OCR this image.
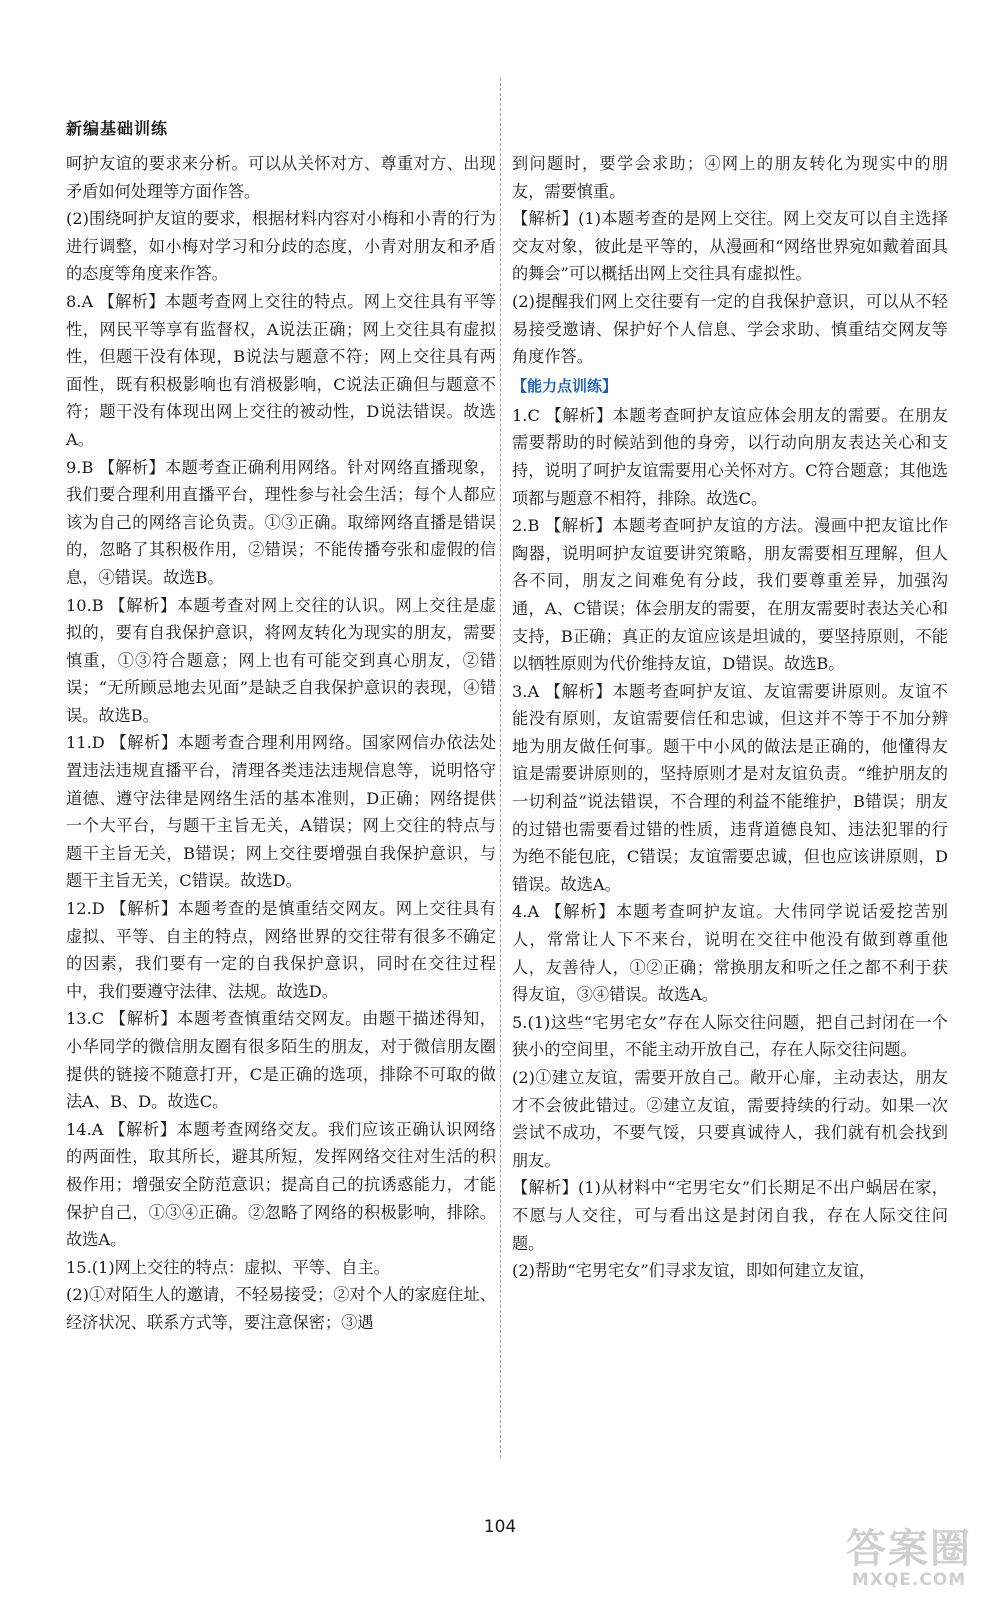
新编基础训练

呵护友谊的要求来分析。可以从关怀对方、尊重对方、出现矛盾如何处理等方面作答。

(2)围绕呵护友谊的要求，根据材料内容对小梅和小青的行为进行调整，如小梅对学习和分歧的态度，小青对朋友和矛盾的态度等角度来作答。

8.A 【解析】本题考查网上交往的特点。网上交往具有平等性，网民平等享有监督权，A说法正确；网上交往具有虚拟性，但题干没有体现，B说法与题意不符；网上交往具有两面性，既有积极影响也有消极影响，C说法正确但与题意不符；题干没有体现出网上交往的被动性，D说法错误。故选A。

9.B 【解析】本题考查正确利用网络。针对网络直播现象，我们要合理利用直播平台，理性参与社会生活；每个人都应该为自己的网络言论负责。①③正确。取缔网络直播是错误的，忽略了其积极作用，②错误；不能传播夸张和虚假的信息，④错误。故选B。

10.B 【解析】本题考查对网上交往的认识。网上交往是虚拟的，要有自我保护意识，将网友转化为现实的朋友，需要慎重，①③符合题意；网上也有可能交到真心朋友，②错误；“无所顾忌地去见面”是缺乏自我保护意识的表现，④错误。故选B。

11.D 【解析】本题考查合理利用网络。国家网信办依法处置违法违规直播平台，清理各类违法违规信息等，说明恪守道德、遵守法律是网络生活的基本准则，D正确；网络提供一个大平台，与题干主旨无关，A错误；网上交往的特点与题干主旨无关，B错误；网上交往要增强自我保护意识，与题干主旨无关，C错误。故选D。

12.D 【解析】本题考查的是慎重结交网友。网上交往具有虚拟、平等、自主的特点，网络世界的交往带有很多不确定的因素，我们要有一定的自我保护意识，同时在交往过程中，我们要遵守法律、法规。故选D。

13.C 【解析】本题考查慎重结交网友。由题干描述得知，小华同学的微信朋友圈有很多陌生的朋友，对于微信朋友圈提供的链接不随意打开，C是正确的选项，排除不可取的做法A、B、D。故选C。

14.A 【解析】本题考查网络交友。我们应该正确认识网络的两面性，取其所长，避其所短，发挥网络交往对生活的积极作用；增强安全防范意识；提高自己的抗诱惑能力，才能保护自己，①③④正确。②忽略了网络的积极影响，排除。故选A。

15.(1)网上交往的特点：虚拟、平等、自主。

(2)①对陌生人的邀请，不轻易接受；②对个人的家庭住址、经济状况、联系方式等，要注意保密；③遇

到问题时，要学会求助；④网上的朋友转化为现实中的朋友，需要慎重。

【解析】(1)本题考查的是网上交往。网上交友可以自主选择交友对象，彼此是平等的，从漫画和“网络世界宛如戴着面具的舞会”可以概括出网上交往具有虚拟性。

(2)提醒我们网上交往要有一定的自我保护意识，可以从不轻易接受邀请、保护好个人信息、学会求助、慎重结交网友等角度作答。

【能力点训练】

1.C 【解析】本题考查呵护友谊应体会朋友的需要。在朋友需要帮助的时候站到他的身旁，以行动向朋友表达关心和支持，说明了呵护友谊需要用心关怀对方。C符合题意；其他选项都与题意不相符，排除。故选C。

2.B 【解析】本题考查呵护友谊的方法。漫画中把友谊比作陶器，说明呵护友谊要讲究策略，朋友需要相互理解，但人各不同，朋友之间难免有分歧，我们要尊重差异，加强沟通，A、C错误；体会朋友的需要，在朋友需要时表达关心和支持，B正确；真正的友谊应该是坦诚的，要坚持原则，不能以牺牲原则为代价维持友谊，D错误。故选B。

3.A 【解析】本题考查呵护友谊、友谊需要讲原则。友谊不能没有原则，友谊需要信任和忠诚，但这并不等于不加分辨地为朋友做任何事。题干中小风的做法是正确的，他懂得友谊是需要讲原则的，坚持原则才是对友谊负责。“维护朋友的一切利益”说法错误，不合理的利益不能维护，B错误；朋友的过错也需要看过错的性质，违背道德良知、违法犯罪的行为绝不能包庇，C错误；友谊需要忠诚，但也应该讲原则，D错误。故选A。

4.A 【解析】本题考查呵护友谊。大伟同学说话爱挖苦别人，常常让人下不来台，说明在交往中他没有做到尊重他人，友善待人，①②正确；常换朋友和听之任之都不利于获得友谊，③④错误。故选A。

5.(1)这些“宅男宅女”存在人际交往问题，把自己封闭在一个狭小的空间里，不能主动开放自己，存在人际交往问题。

(2)①建立友谊，需要开放自己。敞开心扉，主动表达，朋友才不会彼此错过。②建立友谊，需要持续的行动。如果一次尝试不成功，不要气馁，只要真诚待人，我们就有机会找到朋友。

【解析】(1)从材料中“宅男宅女”们长期足不出户蜗居在家，不愿与人交往，可与看出这是封闭自我，存在人际交往问题。

(2)帮助“宅男宅女”们寻求友谊，即如何建立友谊，

104	答案圈
MXQE.COM
